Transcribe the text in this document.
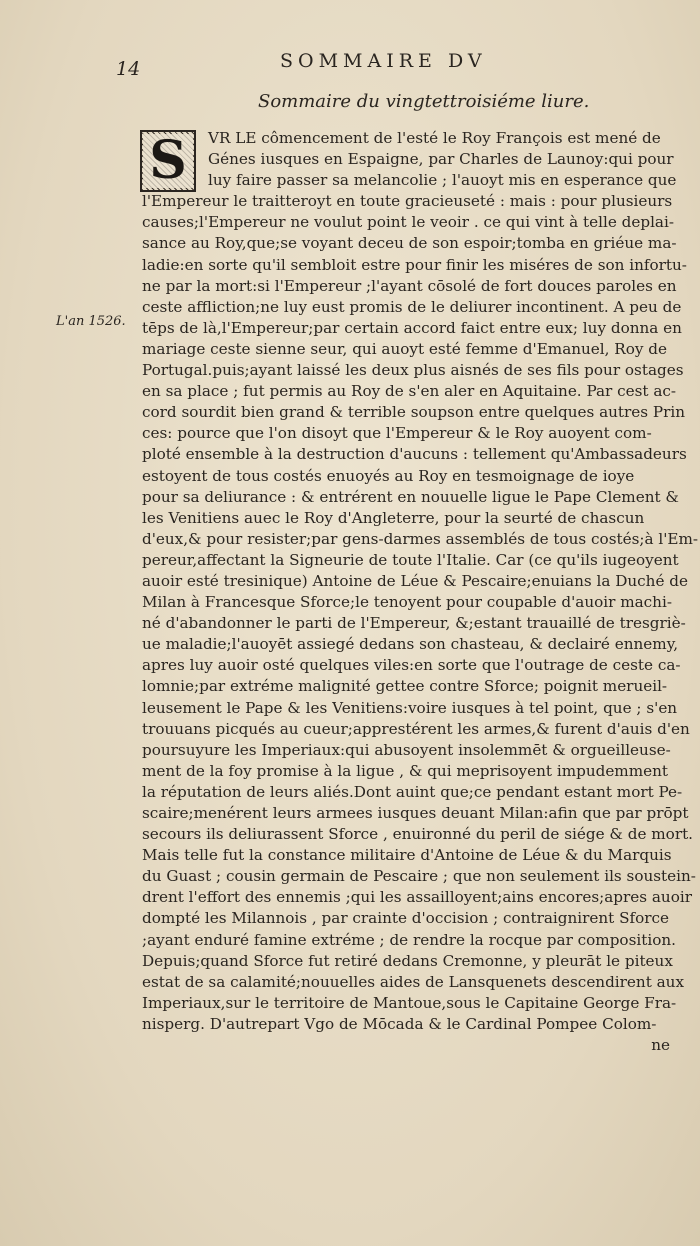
14	SOMMAIRE DV
Sommaire du vingtettroisiéme liure.
L'an 1526.
S	VR LE cômencement de l'esté le Roy François est mené de
Génes iusques en Espaigne, par Charles de Launoy:qui pour
luy faire passer sa melancolie ; l'auoyt mis en esperance que
l'Empereur le traitteroyt en toute gracieuseté : mais : pour plusieurs
causes;l'Empereur ne voulut point le veoir . ce qui vint à telle deplai-
sance au Roy,que;se voyant deceu de son espoir;tomba en griéue ma-
ladie:en sorte qu'il sembloit estre pour finir les miséres de son infortu-
ne par la mort:si l'Empereur ;l'ayant cōsolé de fort douces paroles en
ceste affliction;ne luy eust promis de le deliurer incontinent. A peu de
tēps de là,l'Empereur;par certain accord faict entre eux; luy donna en
mariage ceste sienne seur, qui auoyt esté femme d'Emanuel, Roy de
Portugal.puis;ayant laissé les deux plus aisnés de ses fils pour ostages
en sa place ; fut permis au Roy de s'en aler en Aquitaine. Par cest ac-
cord sourdit bien grand & terrible soupson entre quelques autres Prin
ces: pource que l'on disoyt que l'Empereur & le Roy auoyent com-
ploté ensemble à la destruction d'aucuns : tellement qu'Ambassadeurs
estoyent de tous costés enuoyés au Roy en tesmoignage de ioye
pour sa deliurance : & entrérent en nouuelle ligue le Pape Clement &
les Venitiens auec le Roy d'Angleterre, pour la seurté de chascun
d'eux,& pour resister;par gens-darmes assemblés de tous costés;à l'Em-
pereur,affectant la Signeurie de toute l'Italie. Car (ce qu'ils iugeoyent
auoir esté tresinique) Antoine de Léue & Pescaire;enuians la Duché de
Milan à Francesque Sforce;le tenoyent pour coupable d'auoir machi-
né d'abandonner le parti de l'Empereur, &;estant trauaillé de tresgriè-
ue maladie;l'auoyēt assiegé dedans son chasteau, & declairé ennemy,
apres luy auoir osté quelques viles:en sorte que l'outrage de ceste ca-
lomnie;par extréme malignité gettee contre Sforce; poignit merueil-
leusement le Pape & les Venitiens:voire iusques à tel point, que ; s'en
trouuans picqués au cueur;apprestérent les armes,& furent d'auis d'en
poursuyure les Imperiaux:qui abusoyent insolemmēt & orgueilleuse-
ment de la foy promise à la ligue , & qui meprisoyent impudemment
la réputation de leurs aliés.Dont auint que;ce pendant estant mort Pe-
scaire;menérent leurs armees iusques deuant Milan:afin que par prōpt
secours ils deliurassent Sforce , enuironné du peril de siége & de mort.
Mais telle fut la constance militaire d'Antoine de Léue & du Marquis
du Guast ; cousin germain de Pescaire ; que non seulement ils soustein-
drent l'effort des ennemis ;qui les assailloyent;ains encores;apres auoir
dompté les Milannois , par crainte d'occision ; contraignirent Sforce
;ayant enduré famine extréme ; de rendre la rocque par composition.
Depuis;quand Sforce fut retiré dedans Cremonne, y pleurāt le piteux
estat de sa calamité;nouuelles aides de Lansquenets descendirent aux
Imperiaux,sur le territoire de Mantoue,sous le Capitaine George Fra-
nisperg. D'autrepart Vgo de Mōcada & le Cardinal Pompee Colom-
ne
